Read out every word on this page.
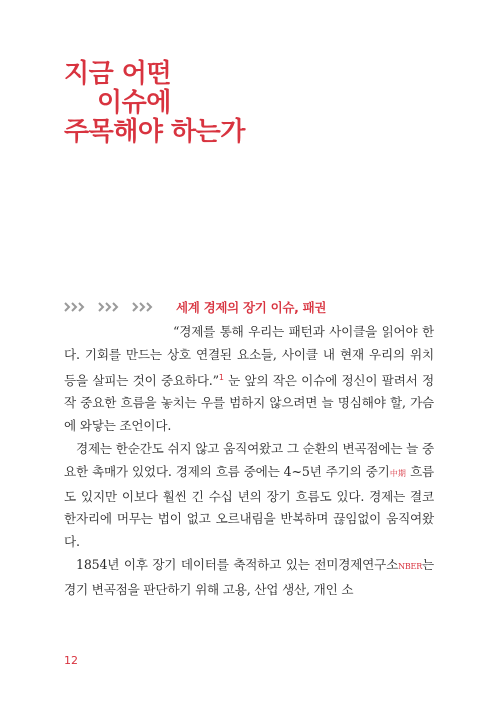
지금 어떤
이슈에
주목해야 하는가
세계 경제의 장기 이슈, 패권

“경제를 통해 우리는 패턴과 사이클을 읽어야 한다. 기회를 만드는 상호 연결된 요소들, 사이클 내 현재 우리의 위치 등을 살피는 것이 중요하다.”$^1$ 눈 앞의 작은 이슈에 정신이 팔려서 정작 중요한 흐름을 놓치는 우를 범하지 않으려면 늘 명심해야 할, 가슴에 와닿는 조언이다.

경제는 한순간도 쉬지 않고 움직여왔고 그 순환의 변곡점에는 늘 중요한 촉매가 있었다. 경제의 흐름 중에는 4~5년 주기의 중기中期 흐름도 있지만 이보다 훨씬 긴 수십 년의 장기 흐름도 있다. 경제는 결코 한자리에 머무는 법이 없고 오르내림을 반복하며 끊임없이 움직여왔다.

1854년 이후 장기 데이터를 축적하고 있는 전미경제연구소NBER는 경기 변곡점을 판단하기 위해 고용, 산업 생산, 개인 소

12
